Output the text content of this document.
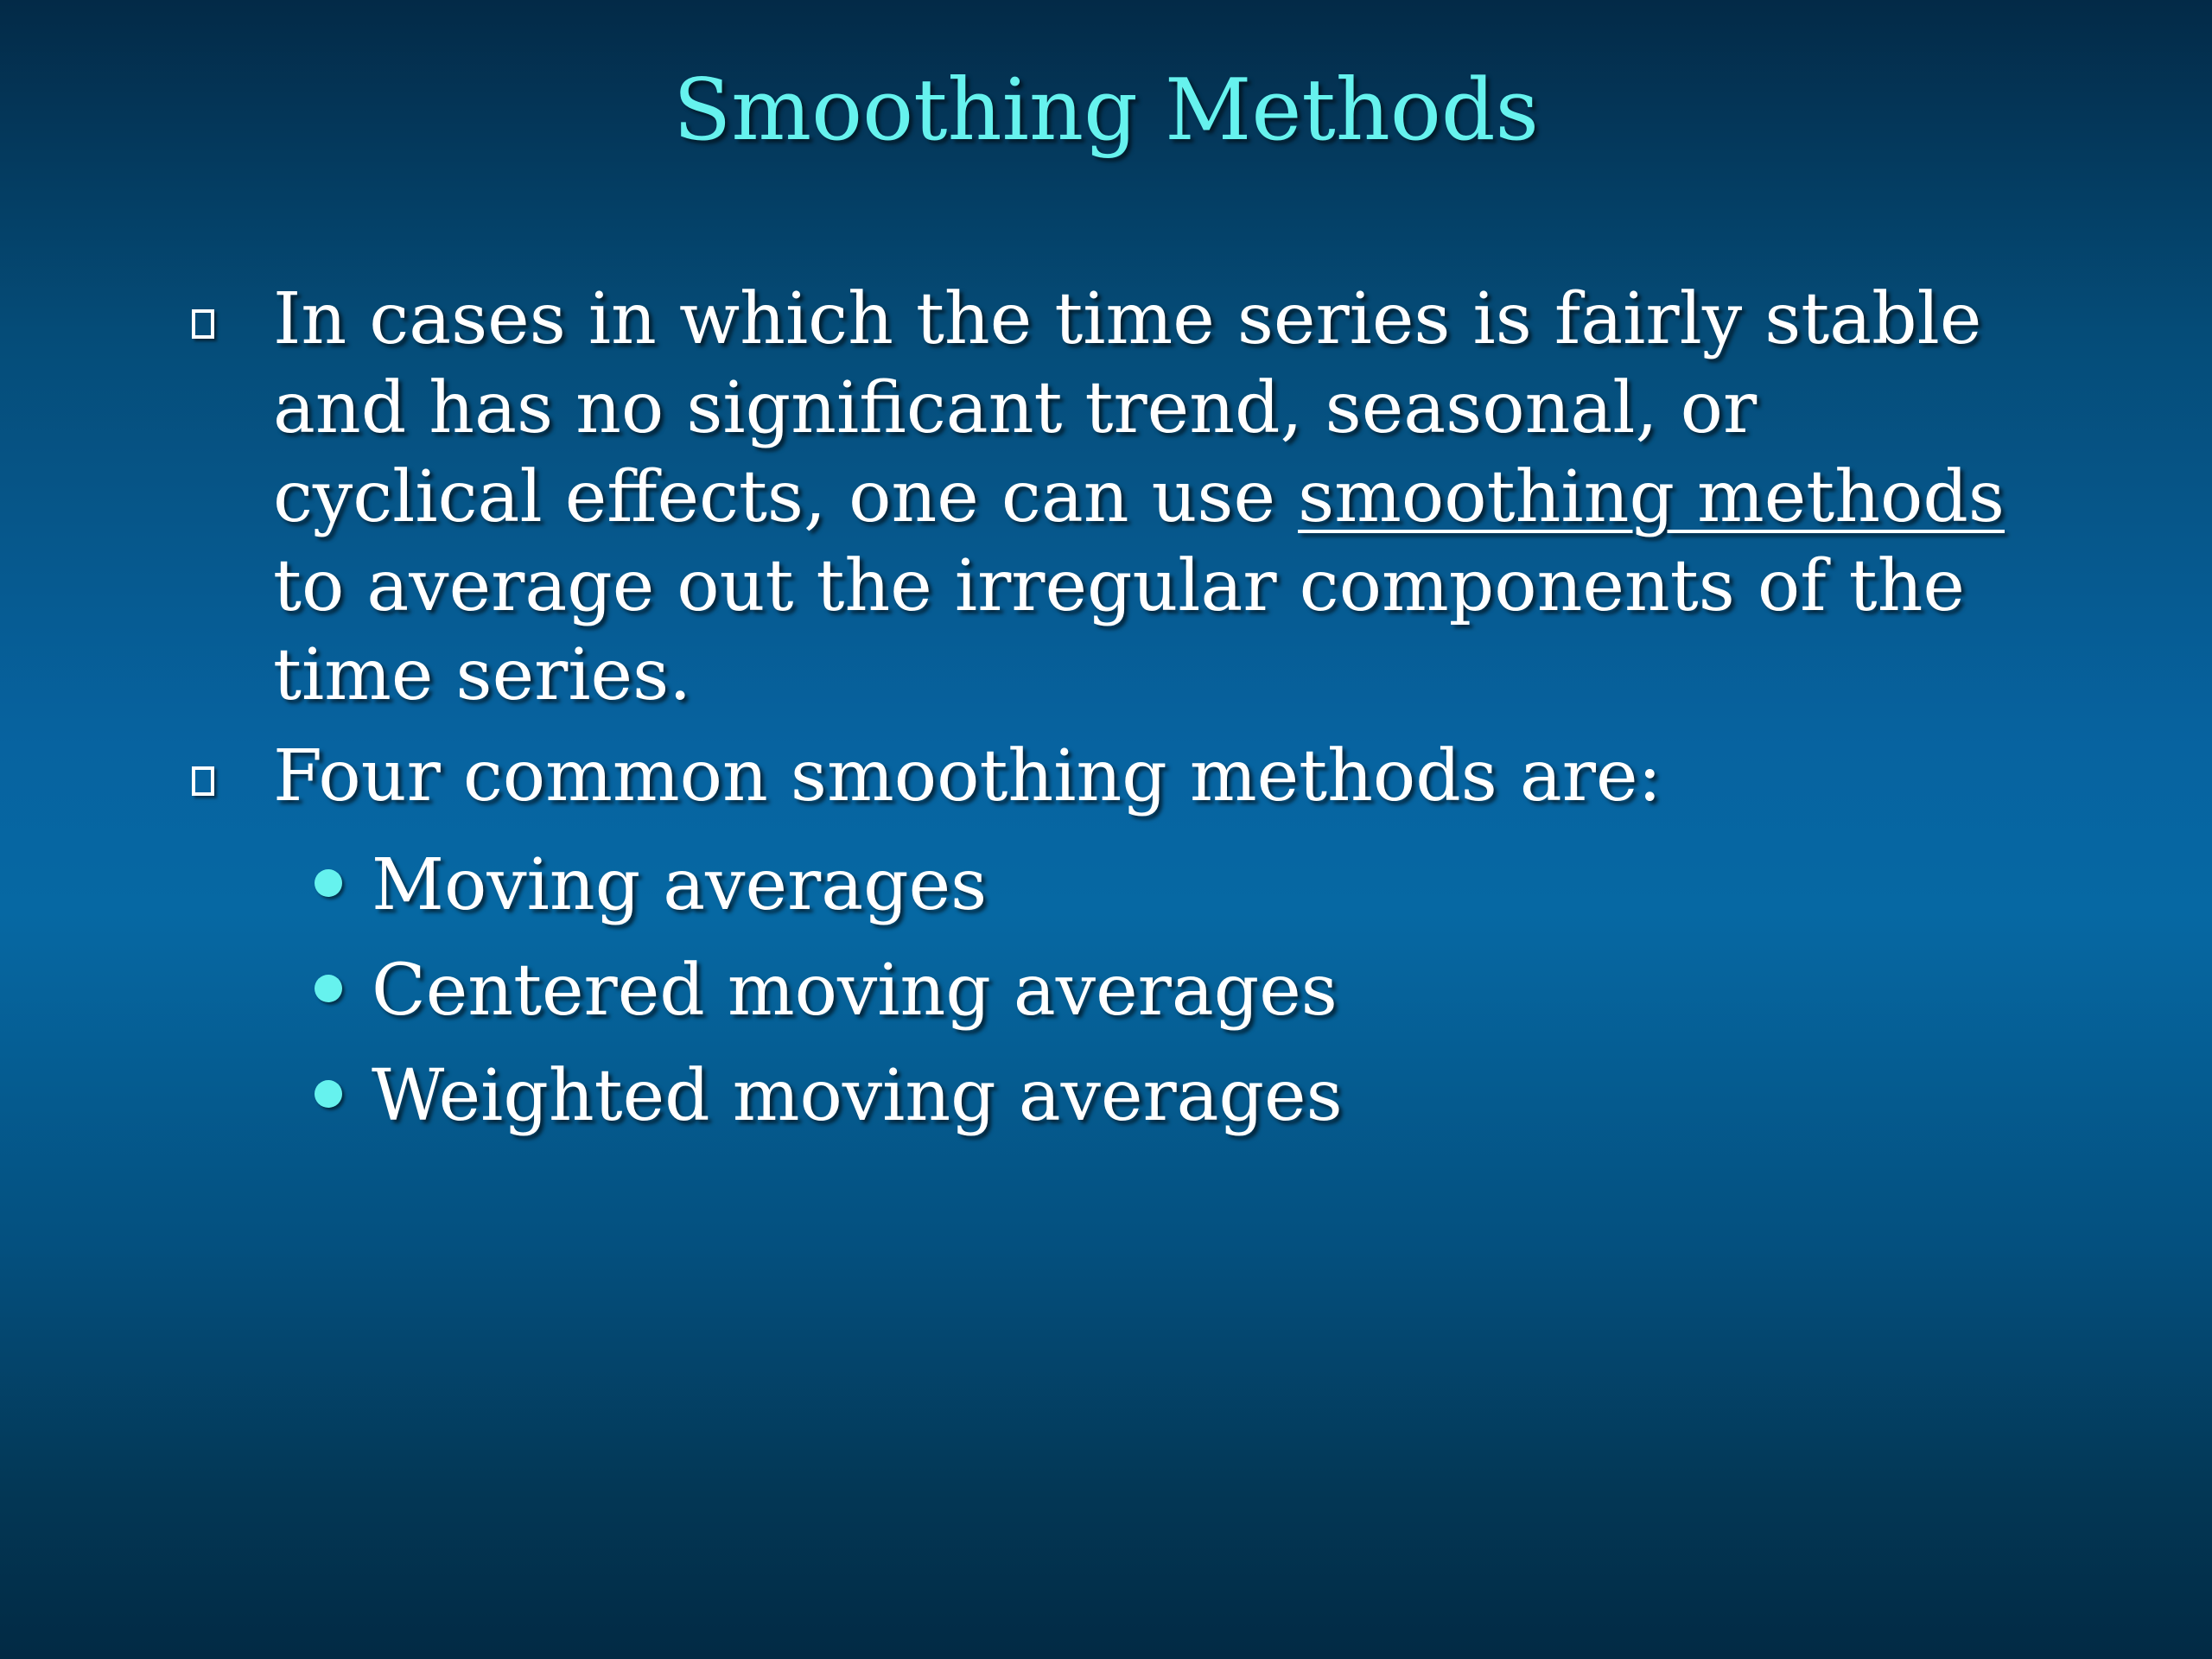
Smoothing Methods
In cases in which the time series is fairly stable and has no significant trend, seasonal, or cyclical effects, one can use smoothing methods to average out the irregular components of the time series.
Four common smoothing methods are:
Moving averages
Centered moving averages
Weighted moving averages
